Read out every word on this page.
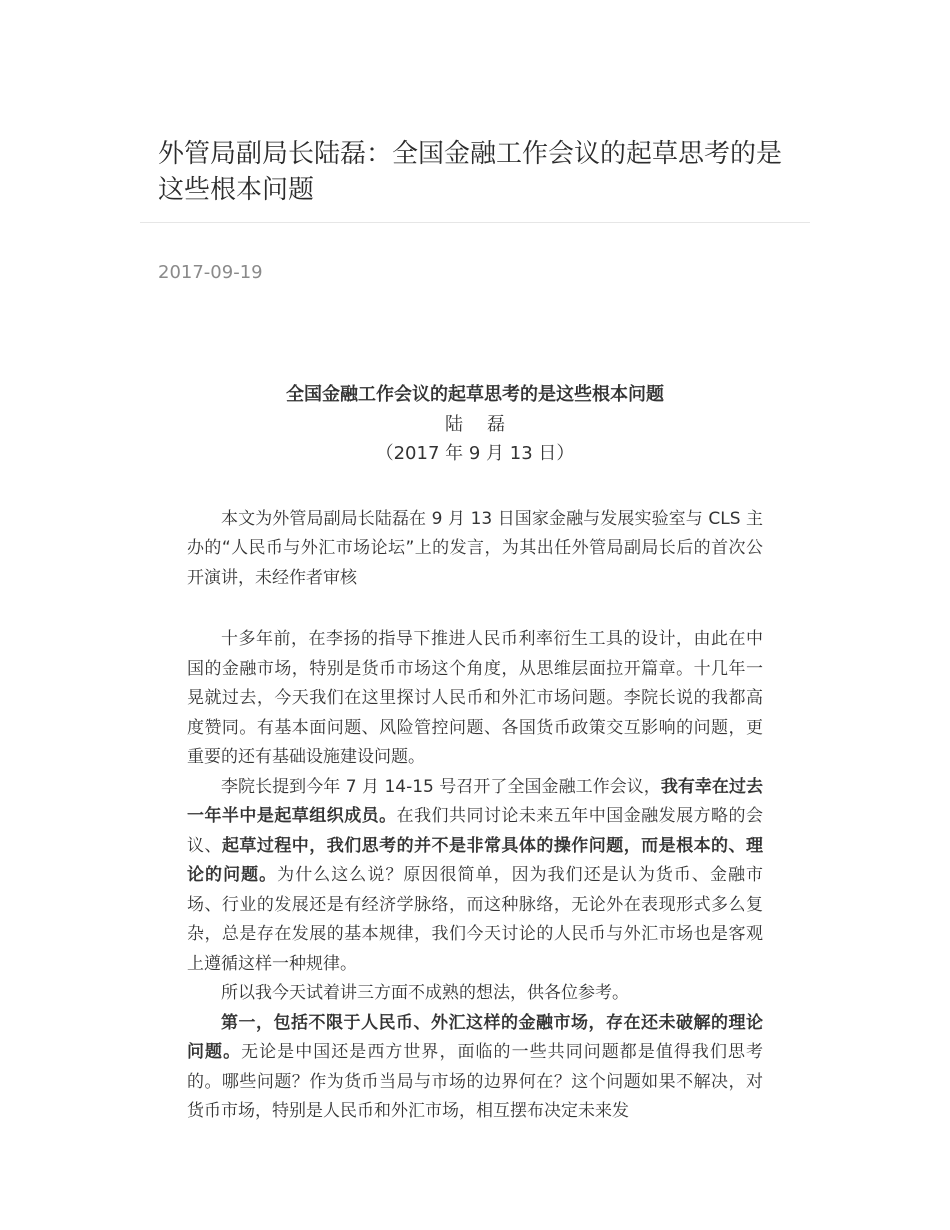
外管局副局长陆磊：全国金融工作会议的起草思考的是这些根本问题
2017-09-19
全国金融工作会议的起草思考的是这些根本问题
陆磊
（2017 年 9 月 13 日）

本文为外管局副局长陆磊在 9 月 13 日国家金融与发展实验室与 CLS 主办的“人民币与外汇市场论坛”上的发言，为其出任外管局副局长后的首次公开演讲，未经作者审核

十多年前，在李扬的指导下推进人民币利率衍生工具的设计，由此在中国的金融市场，特别是货币市场这个角度，从思维层面拉开篇章。十几年一晃就过去，今天我们在这里探讨人民币和外汇市场问题。李院长说的我都高度赞同。有基本面问题、风险管控问题、各国货币政策交互影响的问题，更重要的还有基础设施建设问题。

李院长提到今年 7 月 14-15 号召开了全国金融工作会议，我有幸在过去一年半中是起草组织成员。在我们共同讨论未来五年中国金融发展方略的会议、起草过程中，我们思考的并不是非常具体的操作问题，而是根本的、理论的问题。为什么这么说？原因很简单，因为我们还是认为货币、金融市场、行业的发展还是有经济学脉络，而这种脉络，无论外在表现形式多么复杂，总是存在发展的基本规律，我们今天讨论的人民币与外汇市场也是客观上遵循这样一种规律。

所以我今天试着讲三方面不成熟的想法，供各位参考。

第一，包括不限于人民币、外汇这样的金融市场，存在还未破解的理论问题。无论是中国还是西方世界，面临的一些共同问题都是值得我们思考的。哪些问题？作为货币当局与市场的边界何在？这个问题如果不解决，对货币市场，特别是人民币和外汇市场，相互摆布决定未来发
